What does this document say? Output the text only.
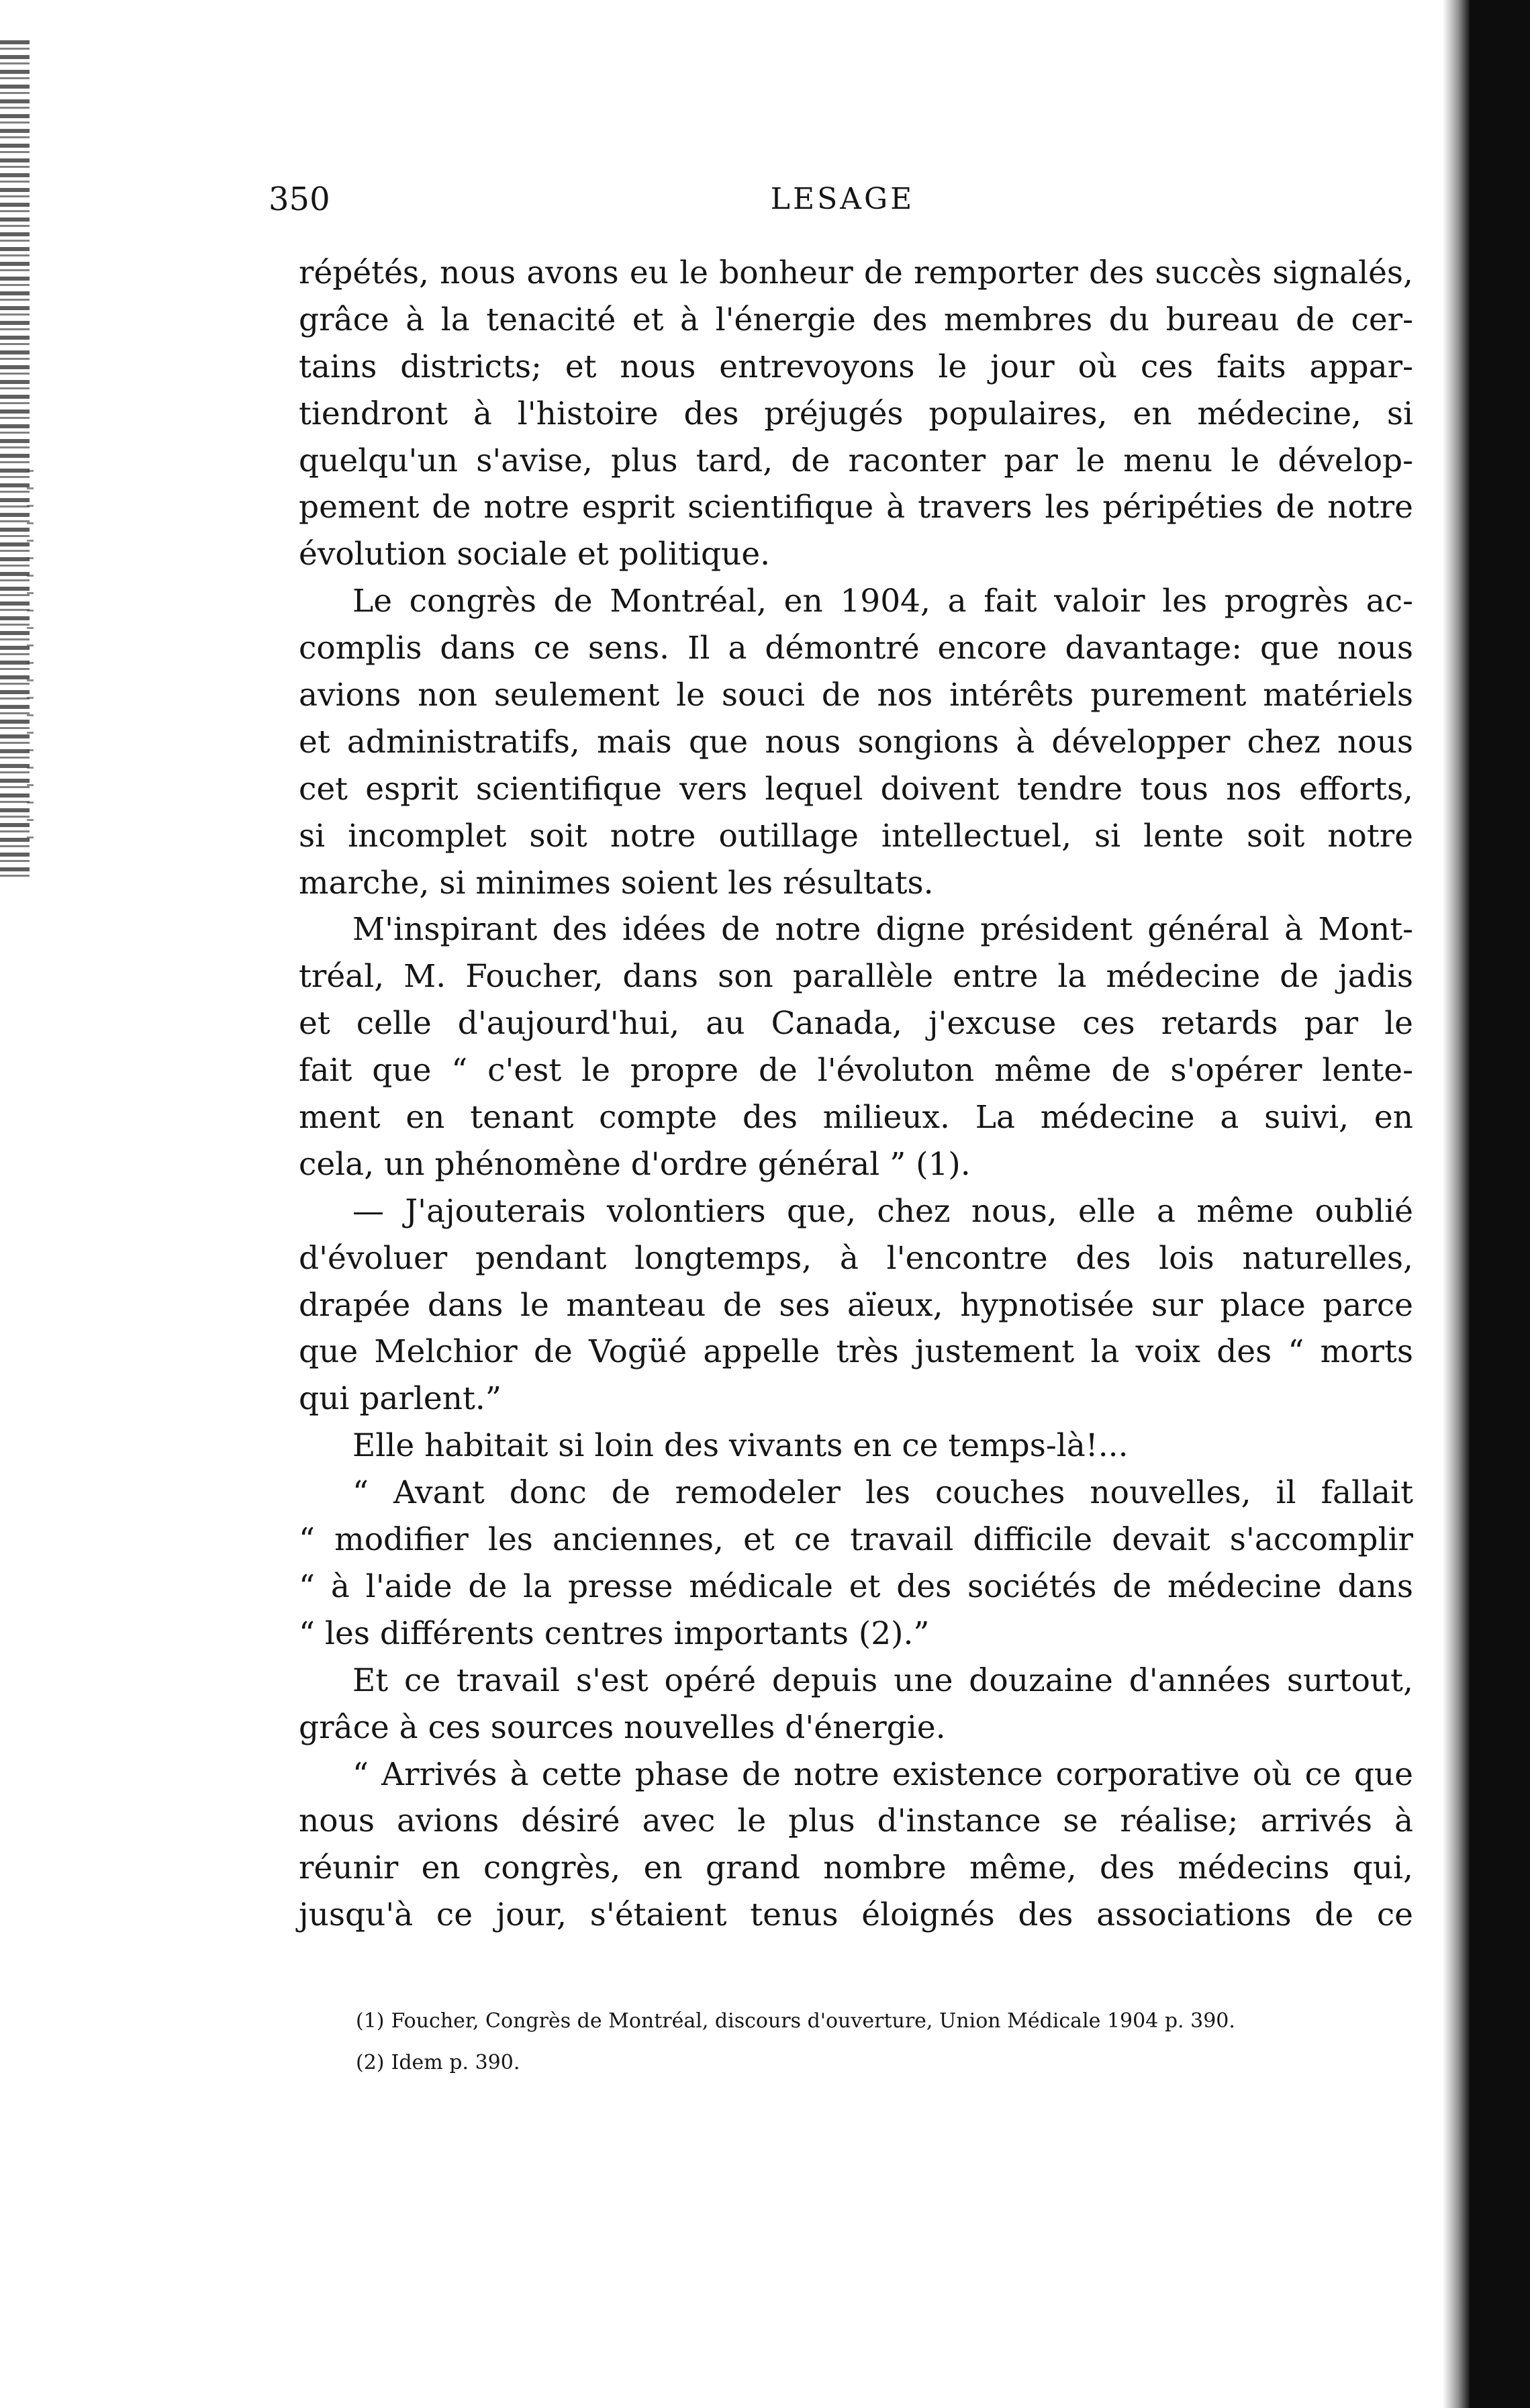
350	LESAGE
répétés, nous avons eu le bonheur de remporter des succès signalés,
grâce à la tenacité et à l'énergie des membres du bureau de cer-
tains districts; et nous entrevoyons le jour où ces faits appar-
tiendront à l'histoire des préjugés populaires, en médecine, si
quelqu'un s'avise, plus tard, de raconter par le menu le dévelop-
pement de notre esprit scientifique à travers les péripéties de notre
évolution sociale et politique.
Le congrès de Montréal, en 1904, a fait valoir les progrès ac-
complis dans ce sens. Il a démontré encore davantage: que nous
avions non seulement le souci de nos intérêts purement matériels
et administratifs, mais que nous songions à développer chez nous
cet esprit scientifique vers lequel doivent tendre tous nos efforts,
si incomplet soit notre outillage intellectuel, si lente soit notre
marche, si minimes soient les résultats.
M'inspirant des idées de notre digne président général à Mont-
tréal, M. Foucher, dans son parallèle entre la médecine de jadis
et celle d'aujourd'hui, au Canada, j'excuse ces retards par le
fait que “ c'est le propre de l'évoluton même de s'opérer lente-
ment en tenant compte des milieux. La médecine a suivi, en
cela, un phénomène d'ordre général ” (1).
— J'ajouterais volontiers que, chez nous, elle a même oublié
d'évoluer pendant longtemps, à l'encontre des lois naturelles,
drapée dans le manteau de ses aïeux, hypnotisée sur place parce
que Melchior de Vogüé appelle très justement la voix des “ morts
qui parlent.”
Elle habitait si loin des vivants en ce temps-là!...
“ Avant donc de remodeler les couches nouvelles, il fallait
“ modifier les anciennes, et ce travail difficile devait s'accomplir
“ à l'aide de la presse médicale et des sociétés de médecine dans
“ les différents centres importants (2).”
Et ce travail s'est opéré depuis une douzaine d'années surtout,
grâce à ces sources nouvelles d'énergie.
“ Arrivés à cette phase de notre existence corporative où ce que
nous avions désiré avec le plus d'instance se réalise; arrivés à
réunir en congrès, en grand nombre même, des médecins qui,
jusqu'à ce jour, s'étaient tenus éloignés des associations de ce
(1) Foucher, Congrès de Montréal, discours d'ouverture, Union Médicale 1904 p. 390.
(2) Idem p. 390.
